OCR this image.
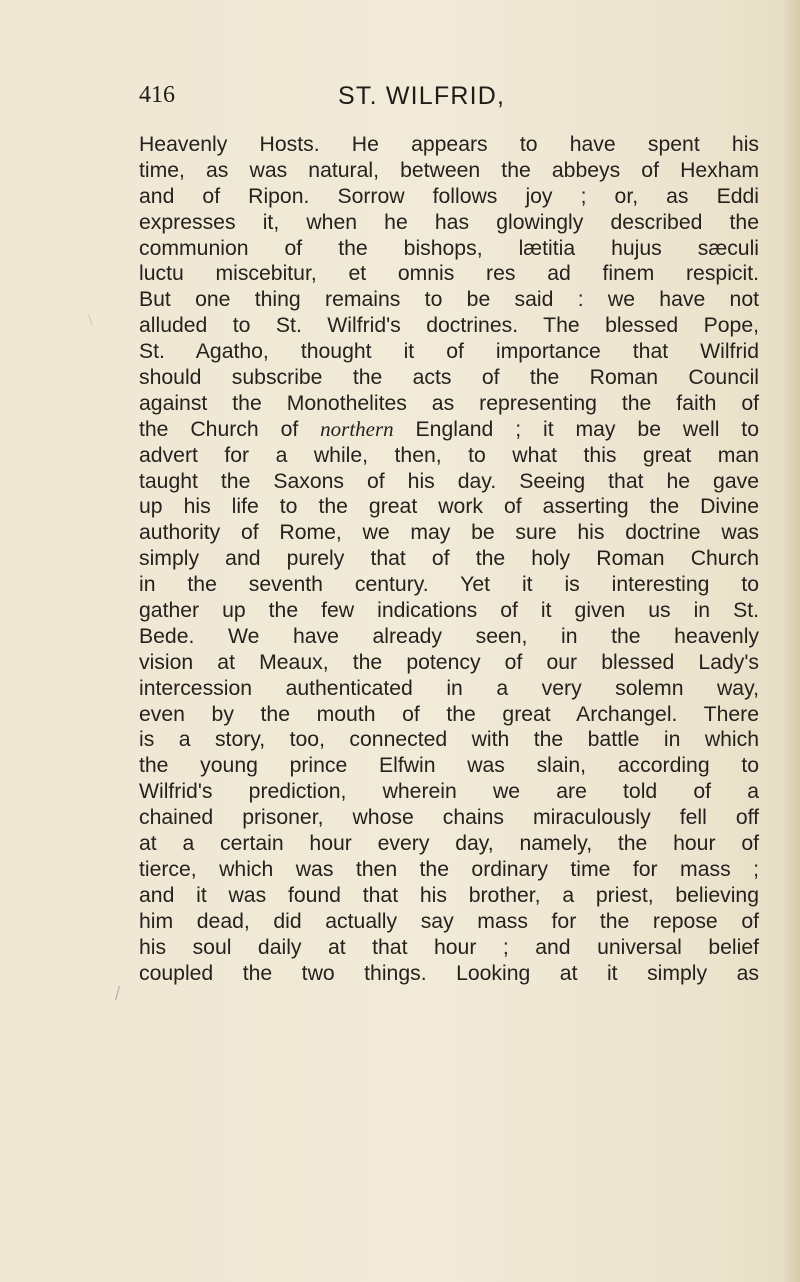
416	ST. WILFRID,
Heavenly Hosts. He appears to have spent his
time, as was natural, between the abbeys of Hexham
and of Ripon. Sorrow follows joy ; or, as Eddi
expresses it, when he has glowingly described the
communion of the bishops, lætitia hujus sæculi
luctu miscebitur, et omnis res ad finem respicit.
But one thing remains to be said : we have not
alluded to St. Wilfrid's doctrines. The blessed Pope,
St. Agatho, thought it of importance that Wilfrid
should subscribe the acts of the Roman Council
against the Monothelites as representing the faith of
the Church of northern England ; it may be well to
advert for a while, then, to what this great man
taught the Saxons of his day. Seeing that he gave
up his life to the great work of asserting the Divine
authority of Rome, we may be sure his doctrine was
simply and purely that of the holy Roman Church
in the seventh century. Yet it is interesting to
gather up the few indications of it given us in St.
Bede. We have already seen, in the heavenly
vision at Meaux, the potency of our blessed Lady's
intercession authenticated in a very solemn way,
even by the mouth of the great Archangel. There
is a story, too, connected with the battle in which
the young prince Elfwin was slain, according to
Wilfrid's prediction, wherein we are told of a
chained prisoner, whose chains miraculously fell off
at a certain hour every day, namely, the hour of
tierce, which was then the ordinary time for mass ;
and it was found that his brother, a priest, believing
him dead, did actually say mass for the repose of
his soul daily at that hour ; and universal belief
coupled the two things. Looking at it simply as
